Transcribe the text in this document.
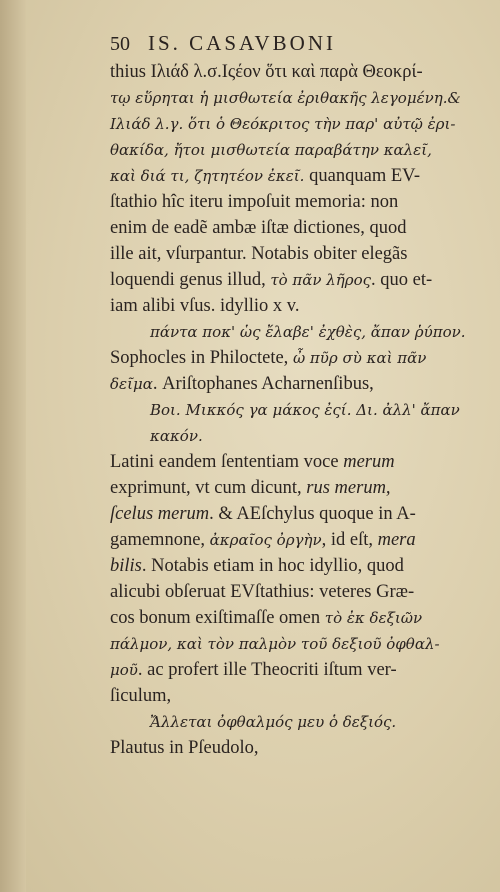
50 IS. CASAVBONI
thius Ιλιάδ λ.σ.Ιςέον ὅτι καὶ παρὰ Θεοκρί-
τῳ εὕρηται ἡ μισθωτεία ἐριθακῆς λεγομένη.&
Ιλιάδ λ.γ. ὅτι ὁ Θεόκριτος τὴν παρ' αὐτῷ ἐρι-
θακίδα, ἤτοι μισθωτεία παραβάτην καλεῖ,
καὶ διά τι, ζητητέον ἐκεῖ. quanquam EV-
ſtathio hîc iteru impoſuit memoria: non
enim de eadẽ ambæ iſtæ dictiones, quod
ille ait, vſurpantur. Notabis obiter elegãs
loquendi genus illud, τὸ πᾶν λῆρος. quo et-
iam alibi vſus. idyllio x v.
πάντα ποκ' ὡς ἔλαβε' ἐχθὲς, ἄπαν ῥύπον.
Sophocles in Philoctete, ὦ πῦρ σὺ καὶ πᾶν
δεῖμα. Ariſtophanes Acharnenſibus,
Βοι. Μικκός γα μάκος ἐςί. Δι. ἀλλ' ἄπαν
κακόν.
Latini eandem ſententiam voce merum
exprimunt, vt cum dicunt, rus merum,
ſcelus merum. & AEſchylus quoque in A-
gamemnone, ἀκραῖος ὀργὴν, id eſt, mera
bilis. Notabis etiam in hoc idyllio, quod
alicubi obſeruat EVſtathius: veteres Græ-
cos bonum exiſtimaſſe omen τὸ ἐκ δεξιῶν
πάλμον, καὶ τὸν παλμὸν τοῦ δεξιοῦ ὀφθαλ-
μοῦ. ac profert ille Theocriti iſtum ver-
ſiculum,
Ἄλλεται ὀφθαλμός μευ ὁ δεξιός.
Plautus in Pſeudolo,
